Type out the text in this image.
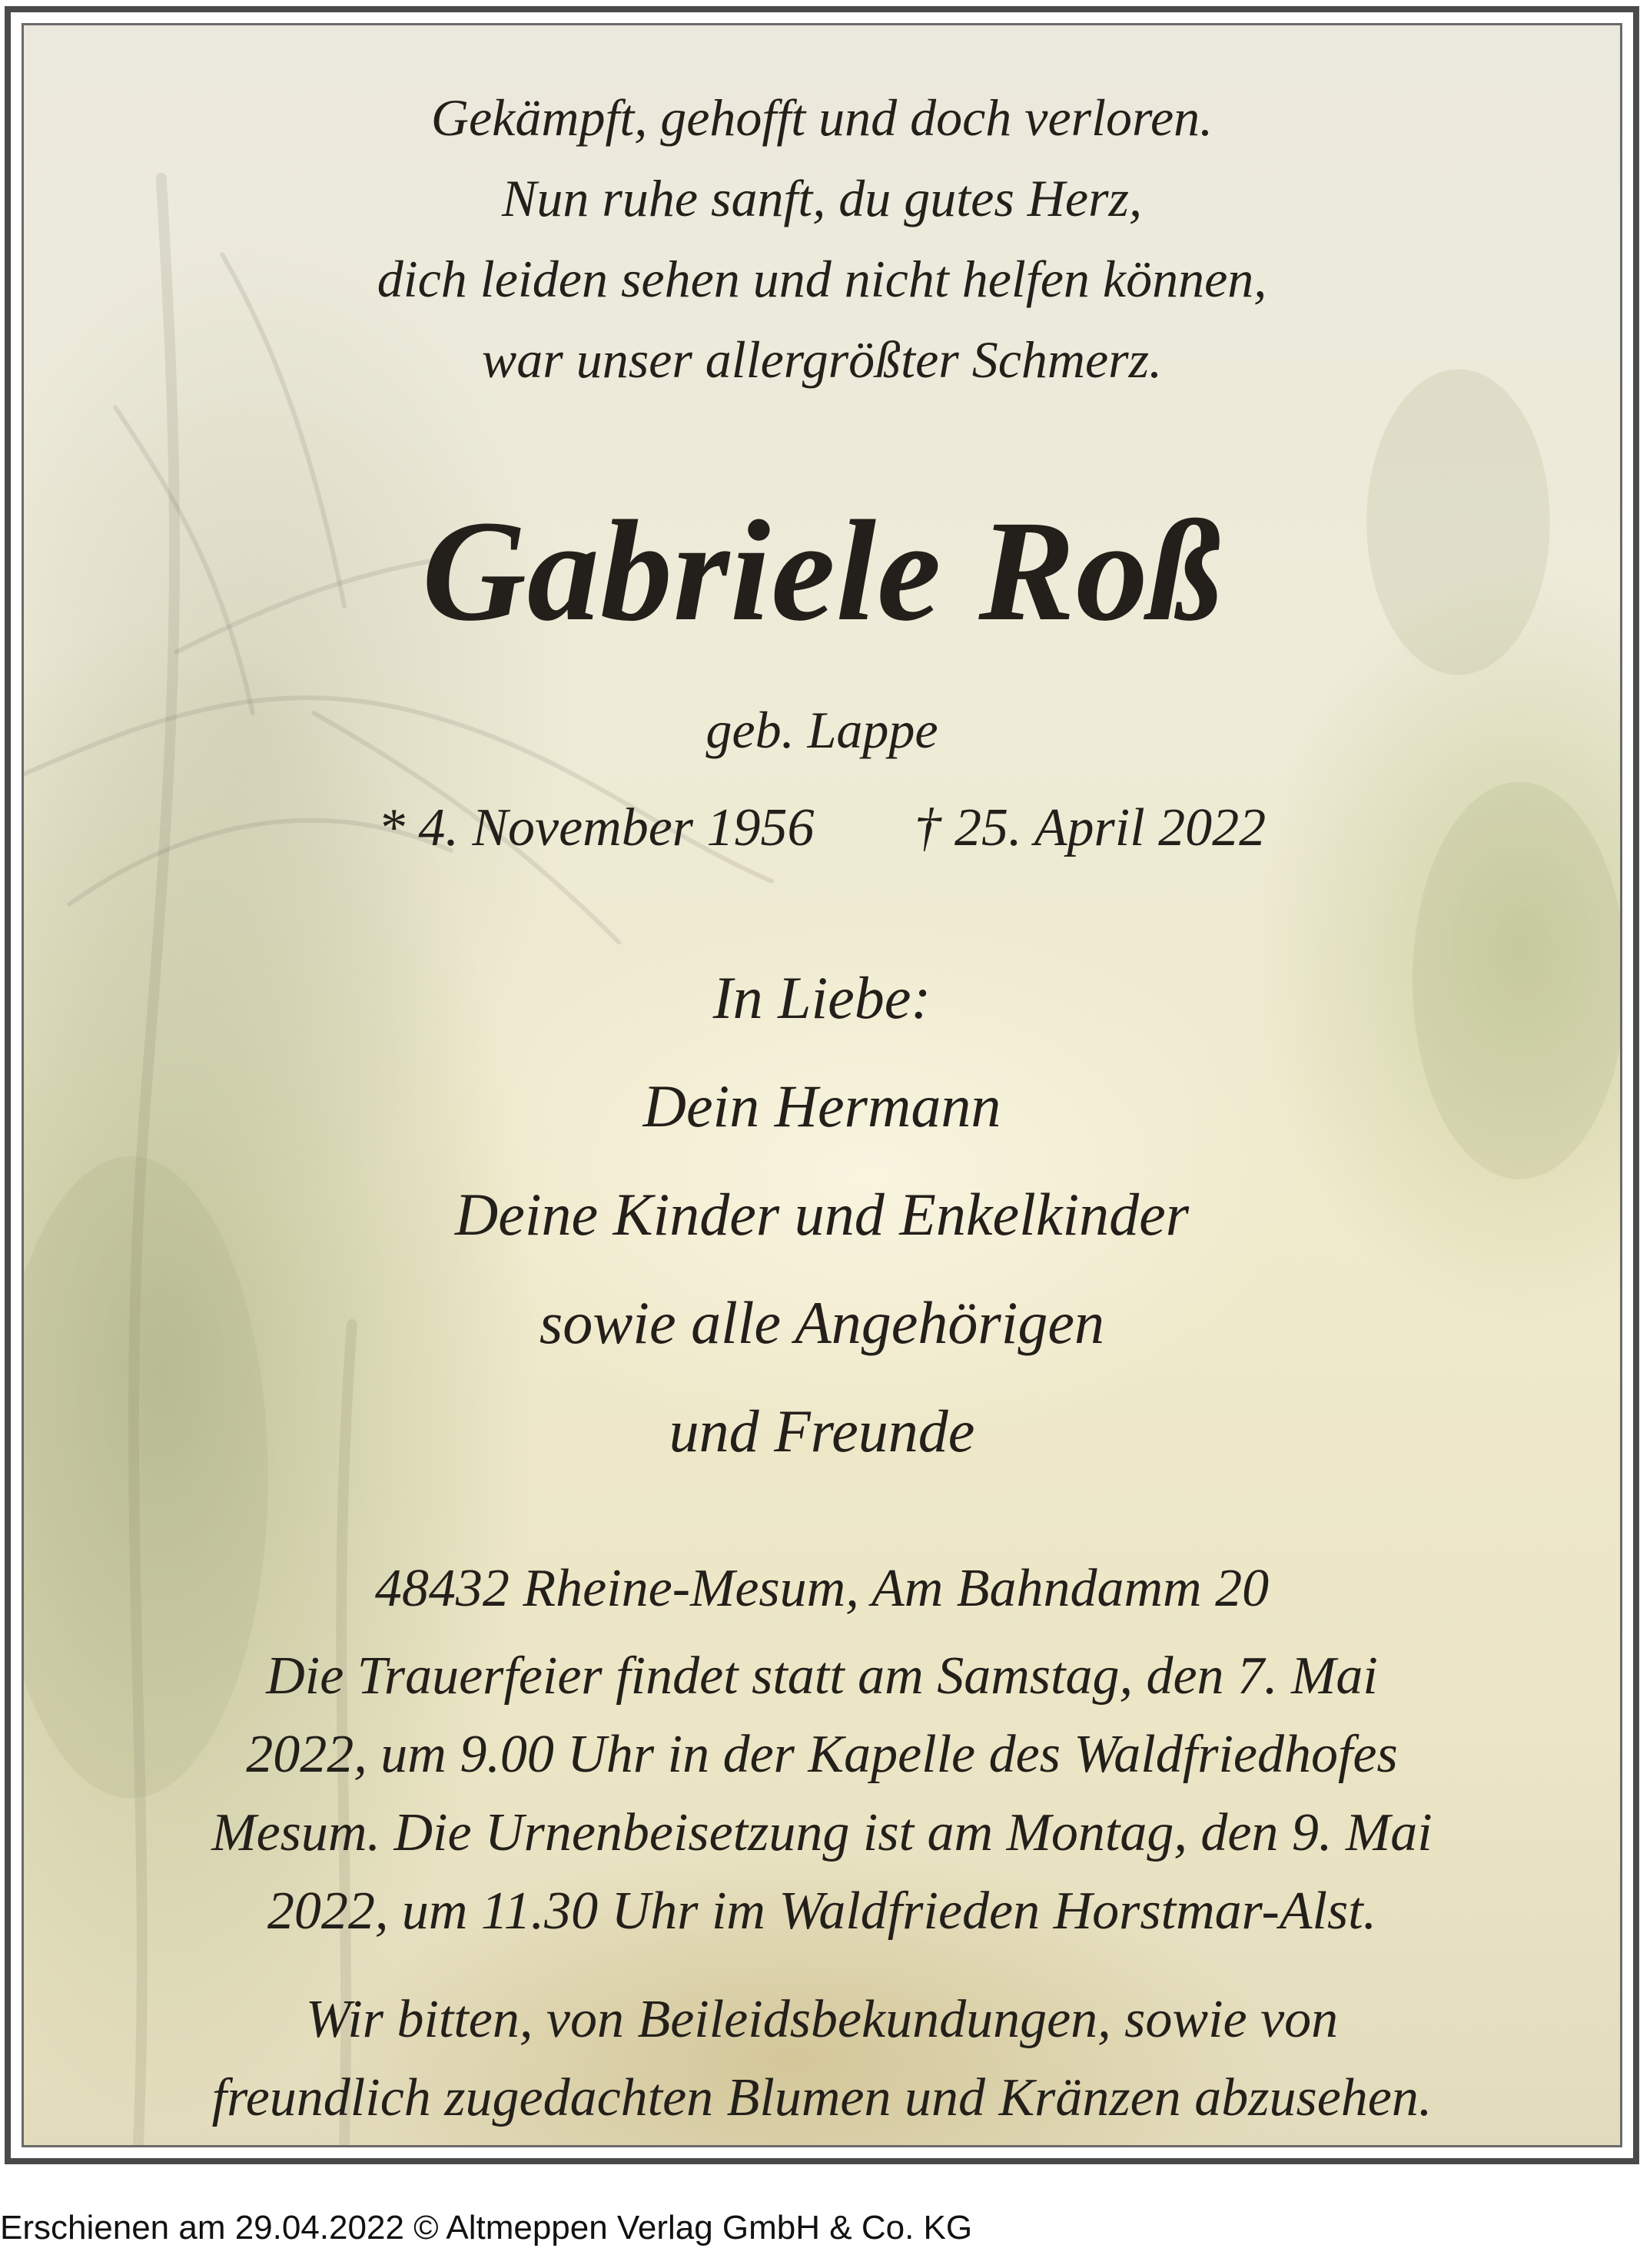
Gekämpft, gehofft und doch verloren.
Nun ruhe sanft, du gutes Herz,
dich leiden sehen und nicht helfen können,
war unser allergrößter Schmerz.

Gabriele Roß

geb. Lappe

* 4. November 1956 † 25. April 2022

In Liebe:
Dein Hermann
Deine Kinder und Enkelkinder
sowie alle Angehörigen
und Freunde

48432 Rheine-Mesum, Am Bahndamm 20

Die Trauerfeier findet statt am Samstag, den 7. Mai
2022, um 9.00 Uhr in der Kapelle des Waldfriedhofes
Mesum. Die Urnenbeisetzung ist am Montag, den 9. Mai
2022, um 11.30 Uhr im Waldfrieden Horstmar-Alst.

Wir bitten, von Beileidsbekundungen, sowie von
freundlich zugedachten Blumen und Kränzen abzusehen.

Erschienen am 29.04.2022 © Altmeppen Verlag GmbH & Co. KG
